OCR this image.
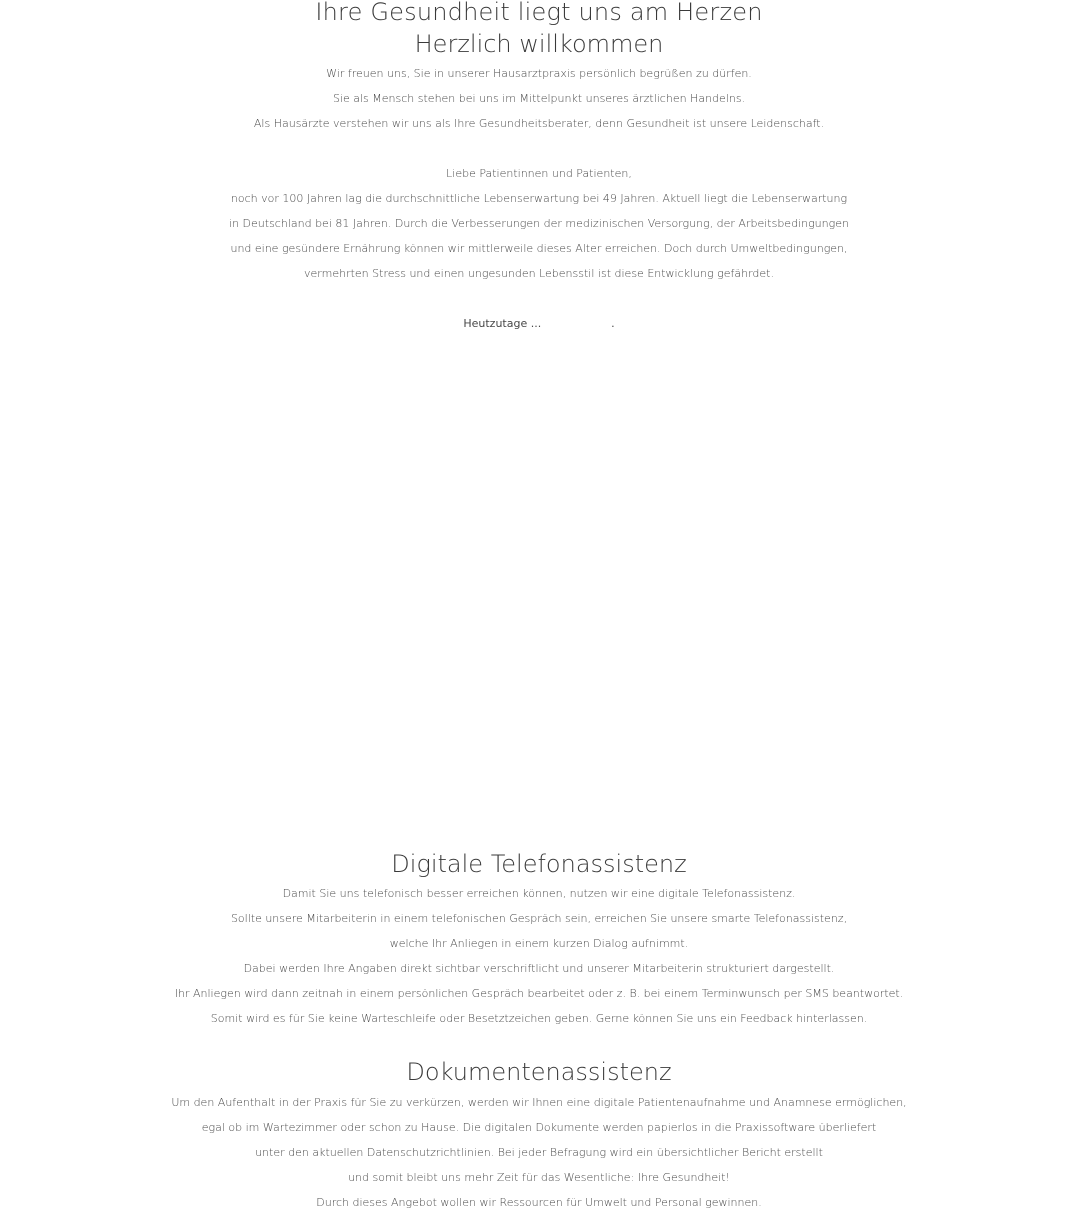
Ihre Gesundheit liegt uns am Herzen
Herzlich willkommen
Wir freuen uns, Sie in unserer Hausarztpraxis persönlich begrüßen zu dürfen.
Sie als Mensch stehen bei uns im Mittelpunkt unseres ärztlichen Handelns.
Als Hausärzte verstehen wir uns als Ihre Gesundheitsberater, denn Gesundheit ist unsere Leidenschaft.
Liebe Patientinnen und Patienten,
noch vor 100 Jahren lag die durchschnittliche Lebenserwartung bei 49 Jahren. Aktuell liegt die Lebenserwartung
in Deutschland bei 81 Jahren. Durch die Verbesserungen der medizinischen Versorgung, der Arbeitsbedingungen
und eine gesündere Ernährung können wir mittlerweile dieses Alter erreichen. Doch durch Umweltbedingungen,
vermehrten Stress und einen ungesunden Lebensstil ist diese Entwicklung gefährdet.
Heutzutage ...                    .
Digitale Telefonassistenz
Damit Sie uns telefonisch besser erreichen können, nutzen wir eine digitale Telefonassistenz.
Sollte unsere Mitarbeiterin in einem telefonischen Gespräch sein, erreichen Sie unsere smarte Telefonassistenz,
welche Ihr Anliegen in einem kurzen Dialog aufnimmt.
Dabei werden Ihre Angaben direkt sichtbar verschriftlicht und unserer Mitarbeiterin strukturiert dargestellt.
Ihr Anliegen wird dann zeitnah in einem persönlichen Gespräch bearbeitet oder z. B. bei einem Terminwunsch per SMS beantwortet.
Somit wird es für Sie keine Warteschleife oder Besetztzeichen geben. Gerne können Sie uns ein Feedback hinterlassen.
Dokumentenassistenz
Um den Aufenthalt in der Praxis für Sie zu verkürzen, werden wir Ihnen eine digitale Patientenaufnahme und Anamnese ermöglichen,
egal ob im Wartezimmer oder schon zu Hause. Die digitalen Dokumente werden papierlos in die Praxissoftware überliefert
unter den aktuellen Datenschutzrichtlinien. Bei jeder Befragung wird ein übersichtlicher Bericht erstellt
und somit bleibt uns mehr Zeit für das Wesentliche: Ihre Gesundheit!
Durch dieses Angebot wollen wir Ressourcen für Umwelt und Personal gewinnen.
